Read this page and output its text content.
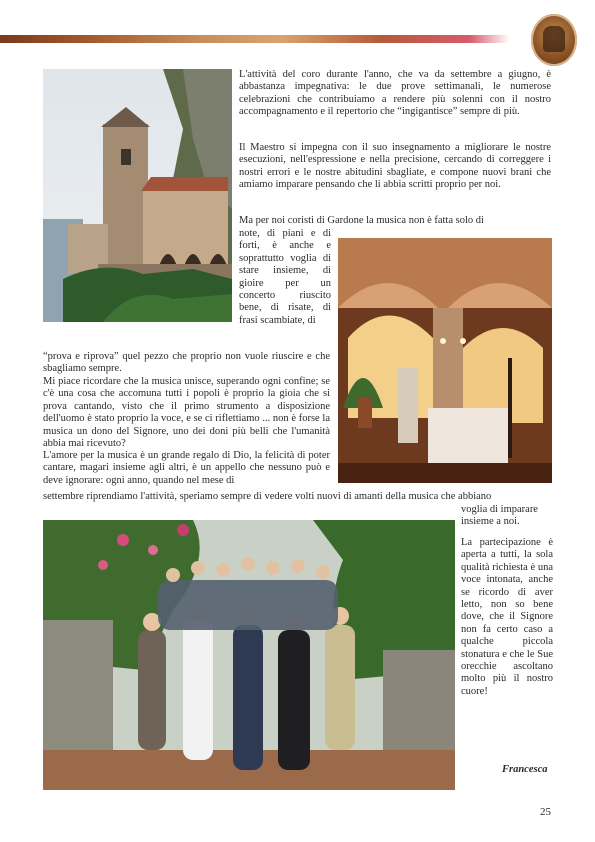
L'attività del coro durante l'anno, che va da settembre a giugno, è abbastanza impegnativa: le due prove settimanali, le numerose celebrazioni che contribuiamo a rendere più solenni con il nostro accompagnamento e il repertorio che “ingigantisce” sempre di più.

Il Maestro si impegna con il suo insegnamento a migliorare le nostre esecuzioni, nell'espressione e nella precisione, cercando di correggere i nostri errori e le nostre abitudini sbagliate, e compone nuovi brani che amiamo imparare pensando che li abbia scritti proprio per noi.

Ma per noi coristi di Gardone la musica non è fatta solo di

note, di piani e di forti, è anche e soprattutto voglia di stare insieme, di gioire per un concerto riuscito bene, di risate, di frasi scambiate, di

“prova e riprova” quel pezzo che proprio non vuole riuscire e che sbagliamo sempre.

Mi piace ricordare che la musica unisce, superando ogni confine; se c'è una cosa che accomuna tutti i popoli è proprio la gioia che si prova cantando, visto che il primo strumento a disposizione dell'uomo è stato proprio la voce, e se ci riflettiamo ... non è forse la musica un dono del Signore, uno dei doni più belli che l'umanità abbia mai ricevuto?

L'amore per la musica è un grande regalo di Dio, la felicità di poter cantare, magari insieme agli altri, è un appello che nessuno può e deve ignorare: ogni anno, quando nel mese di

settembre riprendiamo l'attività, speriamo sempre di vedere volti nuovi di amanti della musica che abbiano

voglia di imparare insieme a noi.

La partecipazione è aperta a tutti, la sola qualità richiesta è una voce intonata, anche se ricordo di aver letto, non so bene dove, che il Signore non fa certo caso a qualche piccola stonatura e che le Sue orecchie ascoltano molto più il nostro cuore!

Francesca
25
